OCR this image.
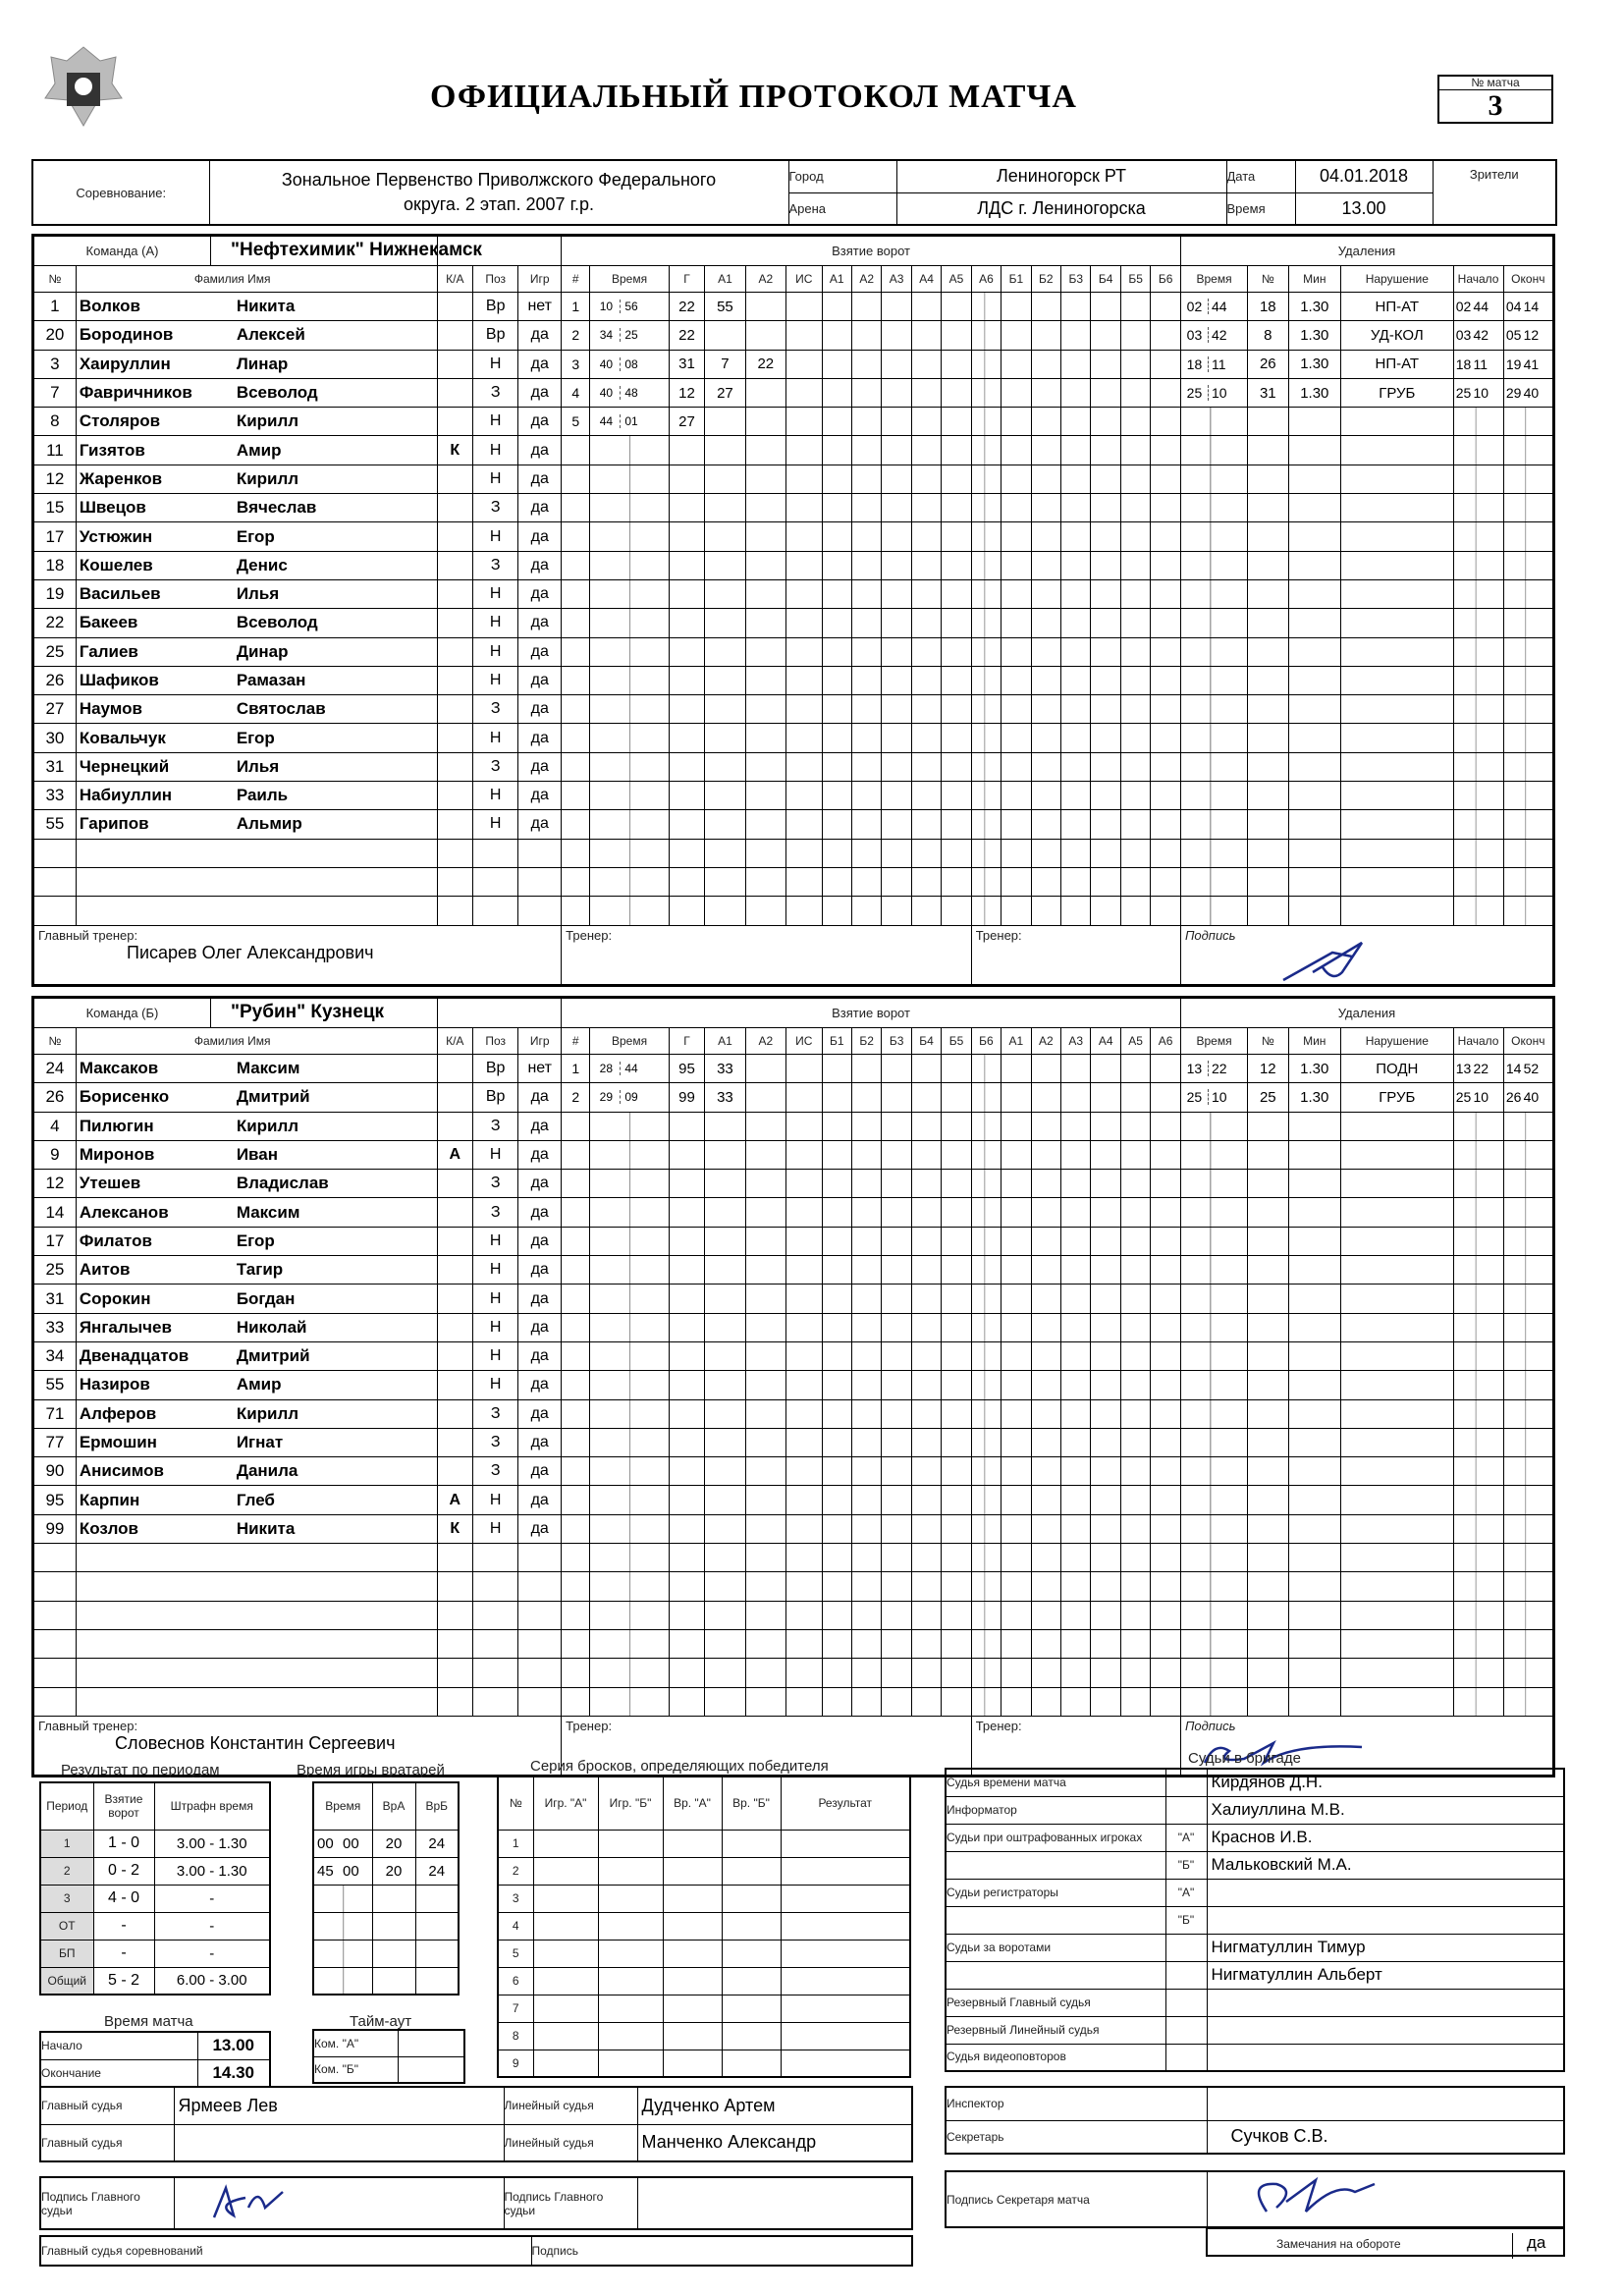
ОФИЦИАЛЬНЫЙ ПРОТОКОЛ МАТЧА	№ матча
3
Соревнование:	Зональное Первенство Приволжского Федерального
округа. 2 этап. 2007 г.р.	Город	Лениногорск РТ	Дата	04.01.2018	Зрители
		Арена	ЛДС г. Лениногорска	Время	13.00	
Команда (А) "Нефтехимик" Нижнекамск					Взятие ворот																		Удаления					
№	Фамилия Имя	К/А	Поз	Игр	#	Время	Г	А1	А2	ИС	А1	А2	А3	А4	А5	А6	Б1	Б2	Б3	Б4	Б5	Б6	Время	№	Мин	Нарушение	Начало	Оконч
1	Волков Никита		Вр	нет	1	10 56	22	55															02 44	18	1.30	НП-АТ	02 44	04 14
20	Бородинов Алексей		Вр	да	2	34 25	22																03 42	8	1.30	УД-КОЛ	03 42	05 12
3	Хаируллин Линар		Н	да	3	40 08	31	7	22														18 11	26	1.30	НП-АТ	18 11	19 41
7	Фавричников Всеволод		З	да	4	40 48	12	27															25 10	31	1.30	ГРУБ	25 10	29 40
8	Столяров Кирилл		Н	да	5	44 01	27																					
11	Гизятов Амир	К	Н	да																								
12	Жаренков Кирилл		Н	да																								
15	Швецов Вячеслав		З	да																								
17	Устюжин Егор		Н	да																								
18	Кошелев Денис		З	да																								
19	Васильев Илья		Н	да																								
22	Бакеев Всеволод		Н	да																								
25	Галиев Динар		Н	да																								
26	Шафиков Рамазан		Н	да																								
27	Наумов Святослав		З	да																								
30	Ковальчук Егор		Н	да																								
31	Чернецкий Илья		З	да																								
33	Набиуллин Раиль		Н	да																								
55	Гарипов Альмир		Н	да																								

Главный тренер:
Писарев Олег Александрович					Тренер:											Тренер:							Подпись					
Команда (Б) "Рубин" Кузнецк					Взятие ворот																		Удаления					
№	Фамилия Имя	К/А	Поз	Игр	#	Время	Г	А1	А2	ИС	Б1	Б2	Б3	Б4	Б5	Б6	А1	А2	А3	А4	А5	А6	Время	№	Мин	Нарушение	Начало	Оконч
24	Максаков Максим		Вр	нет	1	28 44	95	33															13 22	12	1.30	ПОДН	13 22	14 52
26	Борисенко Дмитрий		Вр	да	2	29 09	99	33															25 10	25	1.30	ГРУБ	25 10	26 40
4	Пилюгин Кирилл		З	да																								
9	Миронов Иван	А	Н	да																								
12	Утешев Владислав		З	да																								
14	Алексанов Максим		З	да																								
17	Филатов Егор		Н	да																								
25	Аитов Тагир		Н	да																								
31	Сорокин Богдан		Н	да																								
33	Янгалычев Николай		Н	да																								
34	Двенадцатов Дмитрий		Н	да																								
55	Назиров Амир		Н	да																								
71	Алферов Кирилл		З	да																								
77	Ермошин Игнат		З	да																								
90	Анисимов Данила		З	да																								
95	Карпин Глеб	А	Н	да																								
99	Козлов Никита	К	Н	да																								

Главный тренер:
Словеснов Константин Сергеевич					Тренер:											Тренер:							Подпись					
Результат по периодам
Период	Взятие ворот	Штрафн время
1	1 - 0	3.00 - 1.30
2	0 - 2	3.00 - 1.30
3	4 - 0	-
ОТ	-	-
БП	-	-
Общий	5 - 2	6.00 - 3.00
Время игры вратарей
Время	ВрА	ВрБ
00 00	20	24
45 00	20	24

Серия бросков, определяющих победителя
№	Игр. "А"	Игр. "Б"	Вр. "А"	Вр. "Б"	Результат
1					
2					
3					
4					
5					
6					
7					
8					
9					
Время матча
Начало	13.00
Окончание	14.30
Тайм-аут
Ком. "А"	
Ком. "Б"	
Судьи в бригаде
Судья времени матча		Кирдянов Д.Н.
Информатор		Халиуллина М.В.
Судьи при оштрафованных игроках	"А"	Краснов И.В.
	"Б"	Мальковский М.А.
Судьи регистраторы	"А"	
	"Б"	
Судьи за воротами		Нигматуллин Тимур
		Нигматуллин Альберт
Резервный Главный судья		
Резервный Линейный судья		
Судья видеоповторов		
Инспектор	
Секретарь	Сучков С.В.
Подпись Секретаря матча	
Замечания на обороте	да
Главный судья	Ярмеев Лев	Линейный судья	Дудченко Артем
Главный судья		Линейный судья	Манченко Александр
Подпись Главного судьи		Подпись Главного судьи	
Главный судья соревнований	Подпись
